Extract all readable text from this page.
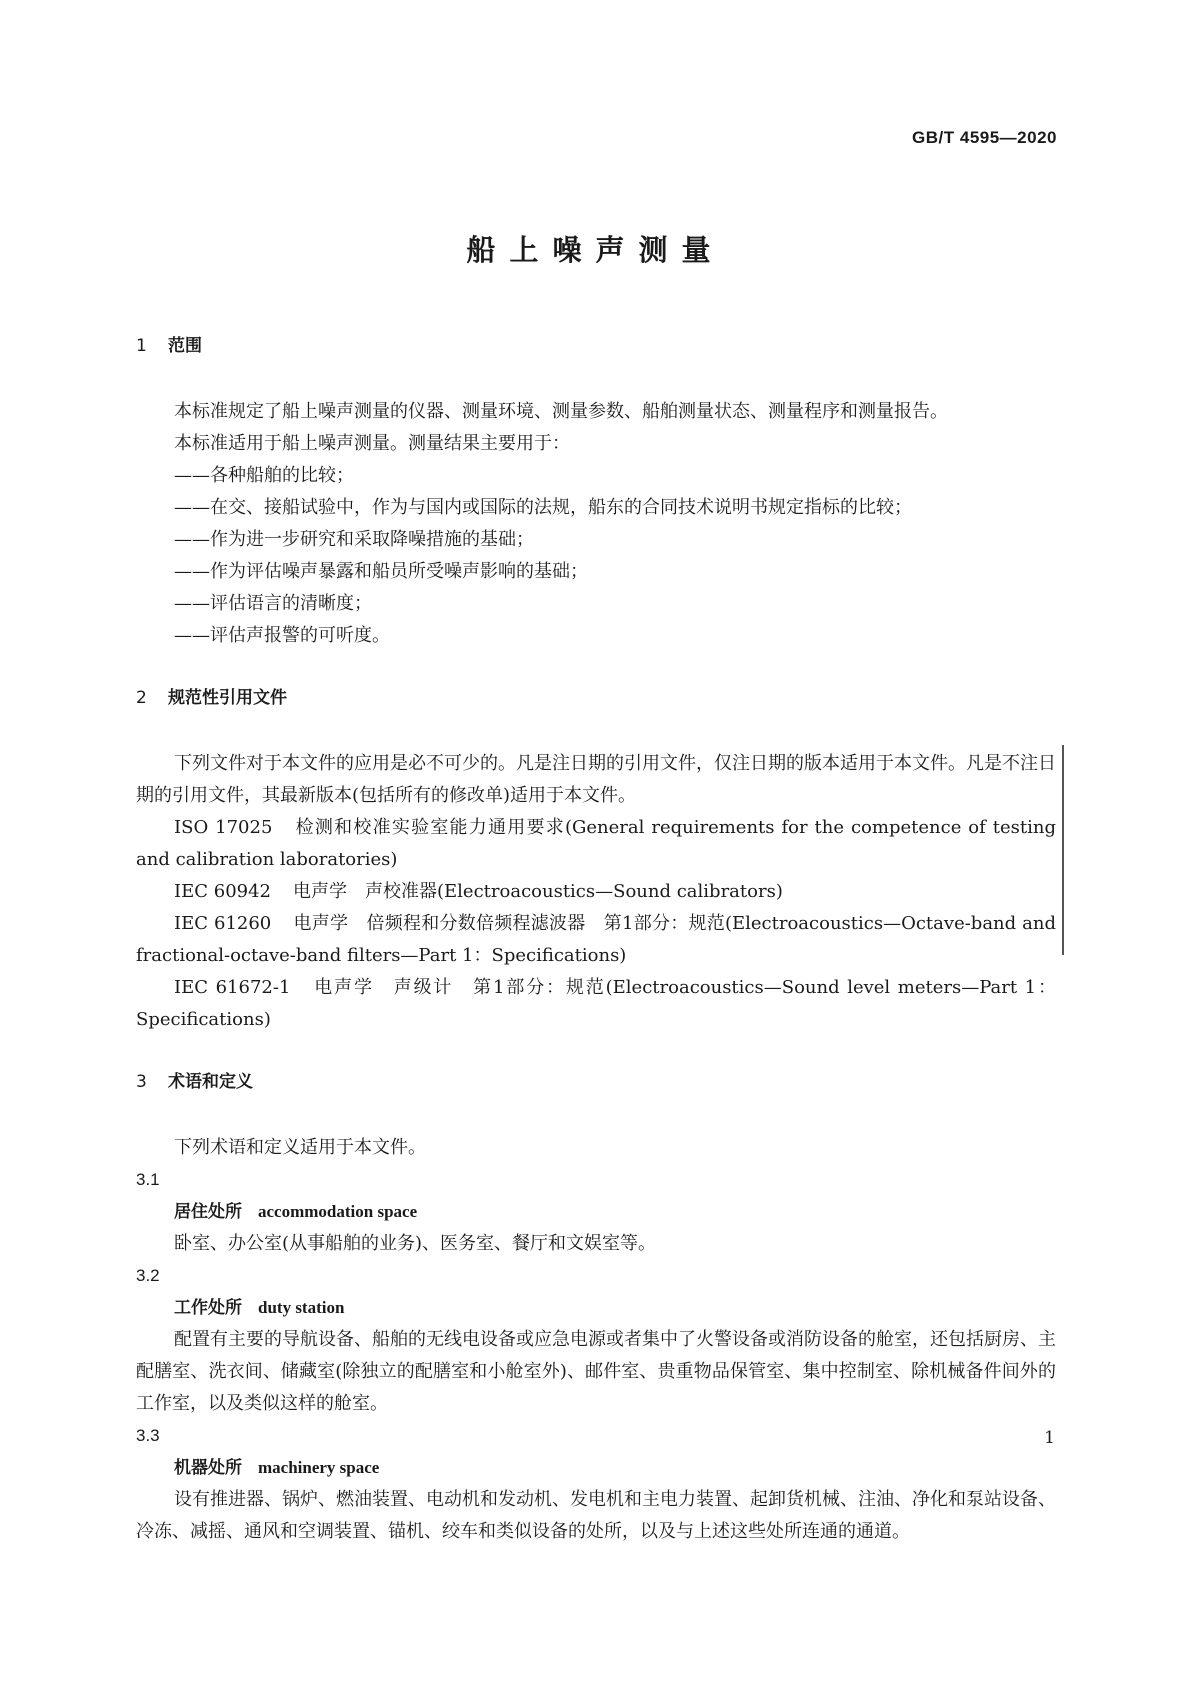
GB/T 4595—2020
船上噪声测量
1 范围

本标准规定了船上噪声测量的仪器、测量环境、测量参数、船舶测量状态、测量程序和测量报告。

本标准适用于船上噪声测量。测量结果主要用于：

——各种船舶的比较；

——在交、接船试验中，作为与国内或国际的法规，船东的合同技术说明书规定指标的比较；

——作为进一步研究和采取降噪措施的基础；

——作为评估噪声暴露和船员所受噪声影响的基础；

——评估语言的清晰度；

——评估声报警的可听度。

2 规范性引用文件

下列文件对于本文件的应用是必不可少的。凡是注日期的引用文件，仅注日期的版本适用于本文件。凡是不注日期的引用文件，其最新版本(包括所有的修改单)适用于本文件。

ISO 17025 检测和校准实验室能力通用要求(General requirements for the competence of testing and calibration laboratories)

IEC 60942 电声学　声校准器(Electroacoustics—Sound calibrators)

IEC 61260 电声学　倍频程和分数倍频程滤波器　第1部分：规范(Electroacoustics—Octave-band and fractional-octave-band filters—Part 1：Specifications)

IEC 61672-1 电声学　声级计　第1部分：规范(Electroacoustics—Sound level meters—Part 1：Specifications)

3 术语和定义

下列术语和定义适用于本文件。

3.1

居住处所 accommodation space

卧室、办公室(从事船舶的业务)、医务室、餐厅和文娱室等。

3.2

工作处所 duty station

配置有主要的导航设备、船舶的无线电设备或应急电源或者集中了火警设备或消防设备的舱室，还包括厨房、主配膳室、洗衣间、储藏室(除独立的配膳室和小舱室外)、邮件室、贵重物品保管室、集中控制室、除机械备件间外的工作室，以及类似这样的舱室。

3.3

机器处所 machinery space

设有推进器、锅炉、燃油装置、电动机和发动机、发电机和主电力装置、起卸货机械、注油、净化和泵站设备、冷冻、减摇、通风和空调装置、锚机、绞车和类似设备的处所，以及与上述这些处所连通的通道。

1
